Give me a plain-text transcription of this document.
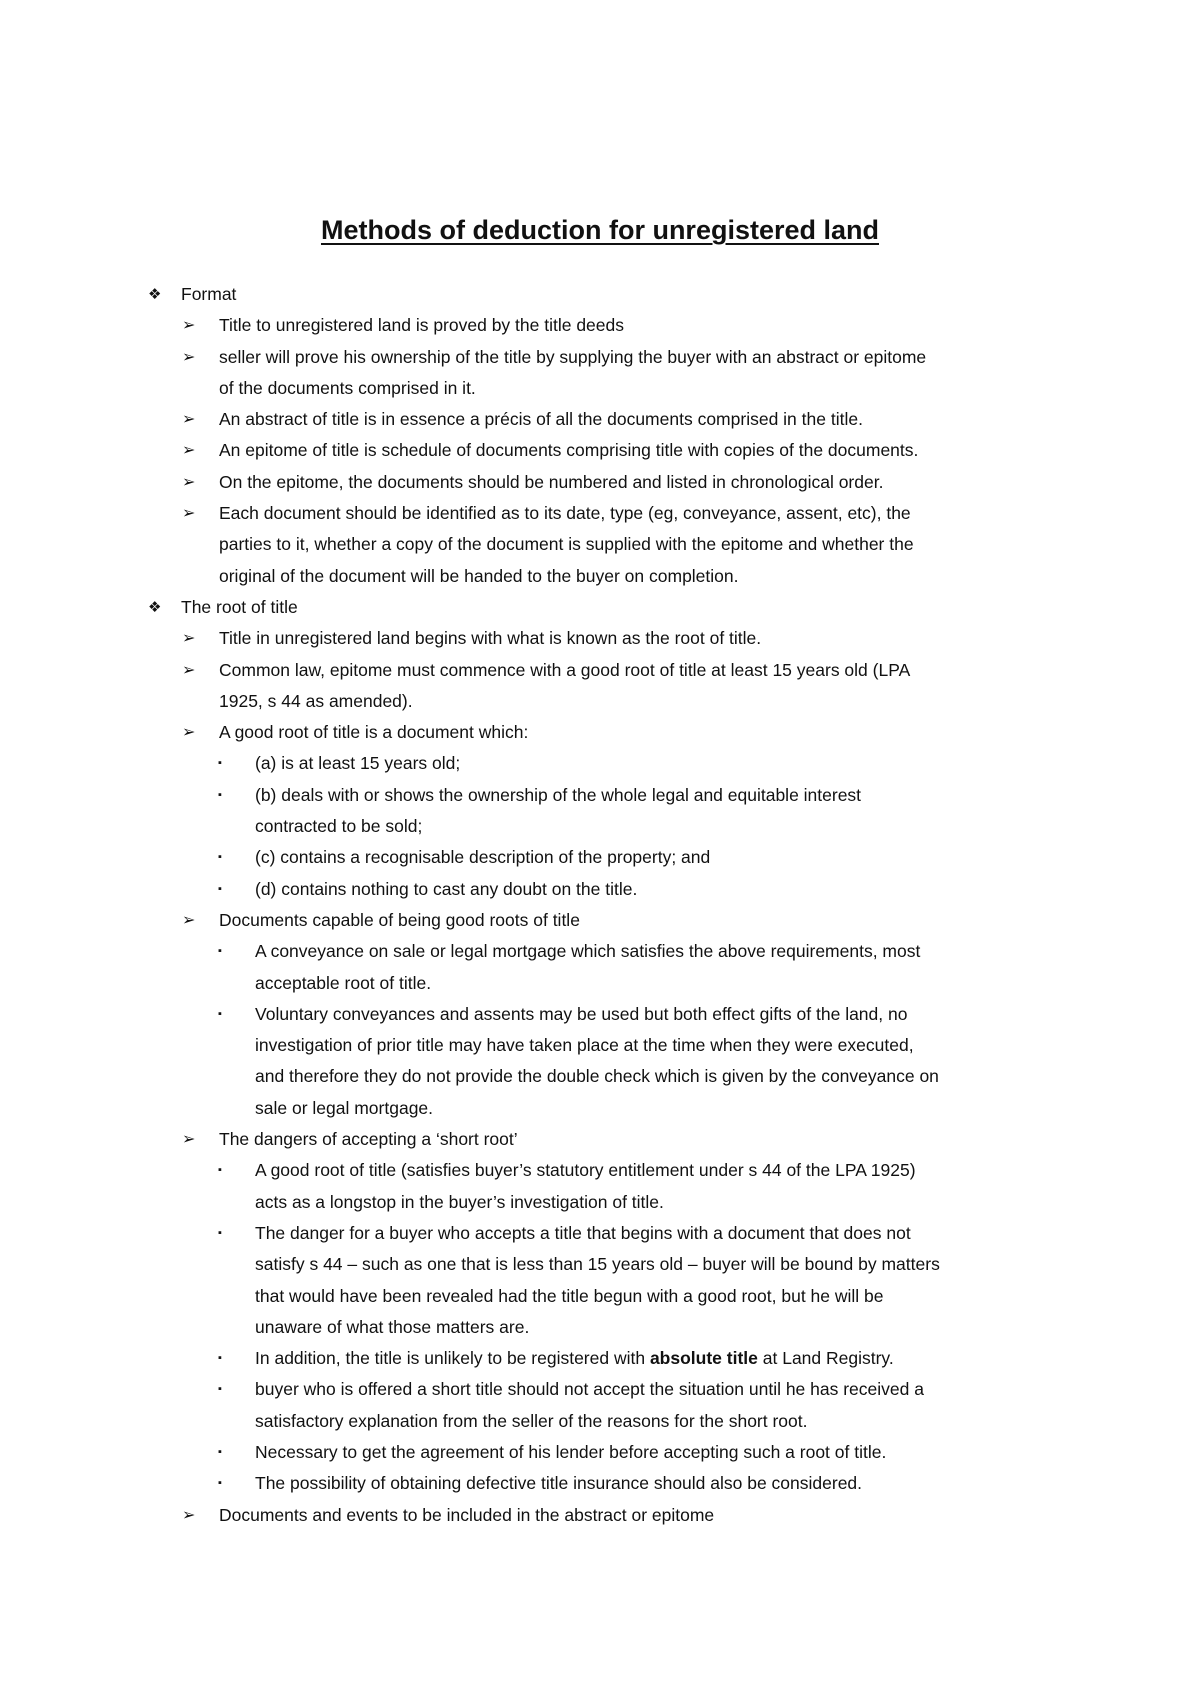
Methods of deduction for unregistered land
❖	Format
➢	Title to unregistered land is proved by the title deeds
➢	seller will prove his ownership of the title by supplying the buyer with an abstract or epitome
of the documents comprised in it.
➢	An abstract of title is in essence a précis of all the documents comprised in the title.
➢	An epitome of title is schedule of documents comprising title with copies of the documents.
➢	On the epitome, the documents should be numbered and listed in chronological order.
➢	Each document should be identified as to its date, type (eg, conveyance, assent, etc), the
parties to it, whether a copy of the document is supplied with the epitome and whether the
original of the document will be handed to the buyer on completion.
❖	The root of title
➢	Title in unregistered land begins with what is known as the root of title.
➢	Common law, epitome must commence with a good root of title at least 15 years old (LPA
1925, s 44 as amended).
➢	A good root of title is a document which:
▪	(a) is at least 15 years old;
▪	(b) deals with or shows the ownership of the whole legal and equitable interest
contracted to be sold;
▪	(c) contains a recognisable description of the property; and
▪	(d) contains nothing to cast any doubt on the title.
➢	Documents capable of being good roots of title
▪	A conveyance on sale or legal mortgage which satisfies the above requirements, most
acceptable root of title.
▪	Voluntary conveyances and assents may be used but both effect gifts of the land, no
investigation of prior title may have taken place at the time when they were executed,
and therefore they do not provide the double check which is given by the conveyance on
sale or legal mortgage.
➢	The dangers of accepting a ‘short root’
▪	A good root of title (satisfies buyer’s statutory entitlement under s 44 of the LPA 1925)
acts as a longstop in the buyer’s investigation of title.
▪	The danger for a buyer who accepts a title that begins with a document that does not
satisfy s 44 – such as one that is less than 15 years old – buyer will be bound by matters
that would have been revealed had the title begun with a good root, but he will be
unaware of what those matters are.
▪	In addition, the title is unlikely to be registered with absolute title at Land Registry.
▪	buyer who is offered a short title should not accept the situation until he has received a
satisfactory explanation from the seller of the reasons for the short root.
▪	Necessary to get the agreement of his lender before accepting such a root of title.
▪	The possibility of obtaining defective title insurance should also be considered.
➢	Documents and events to be included in the abstract or epitome
